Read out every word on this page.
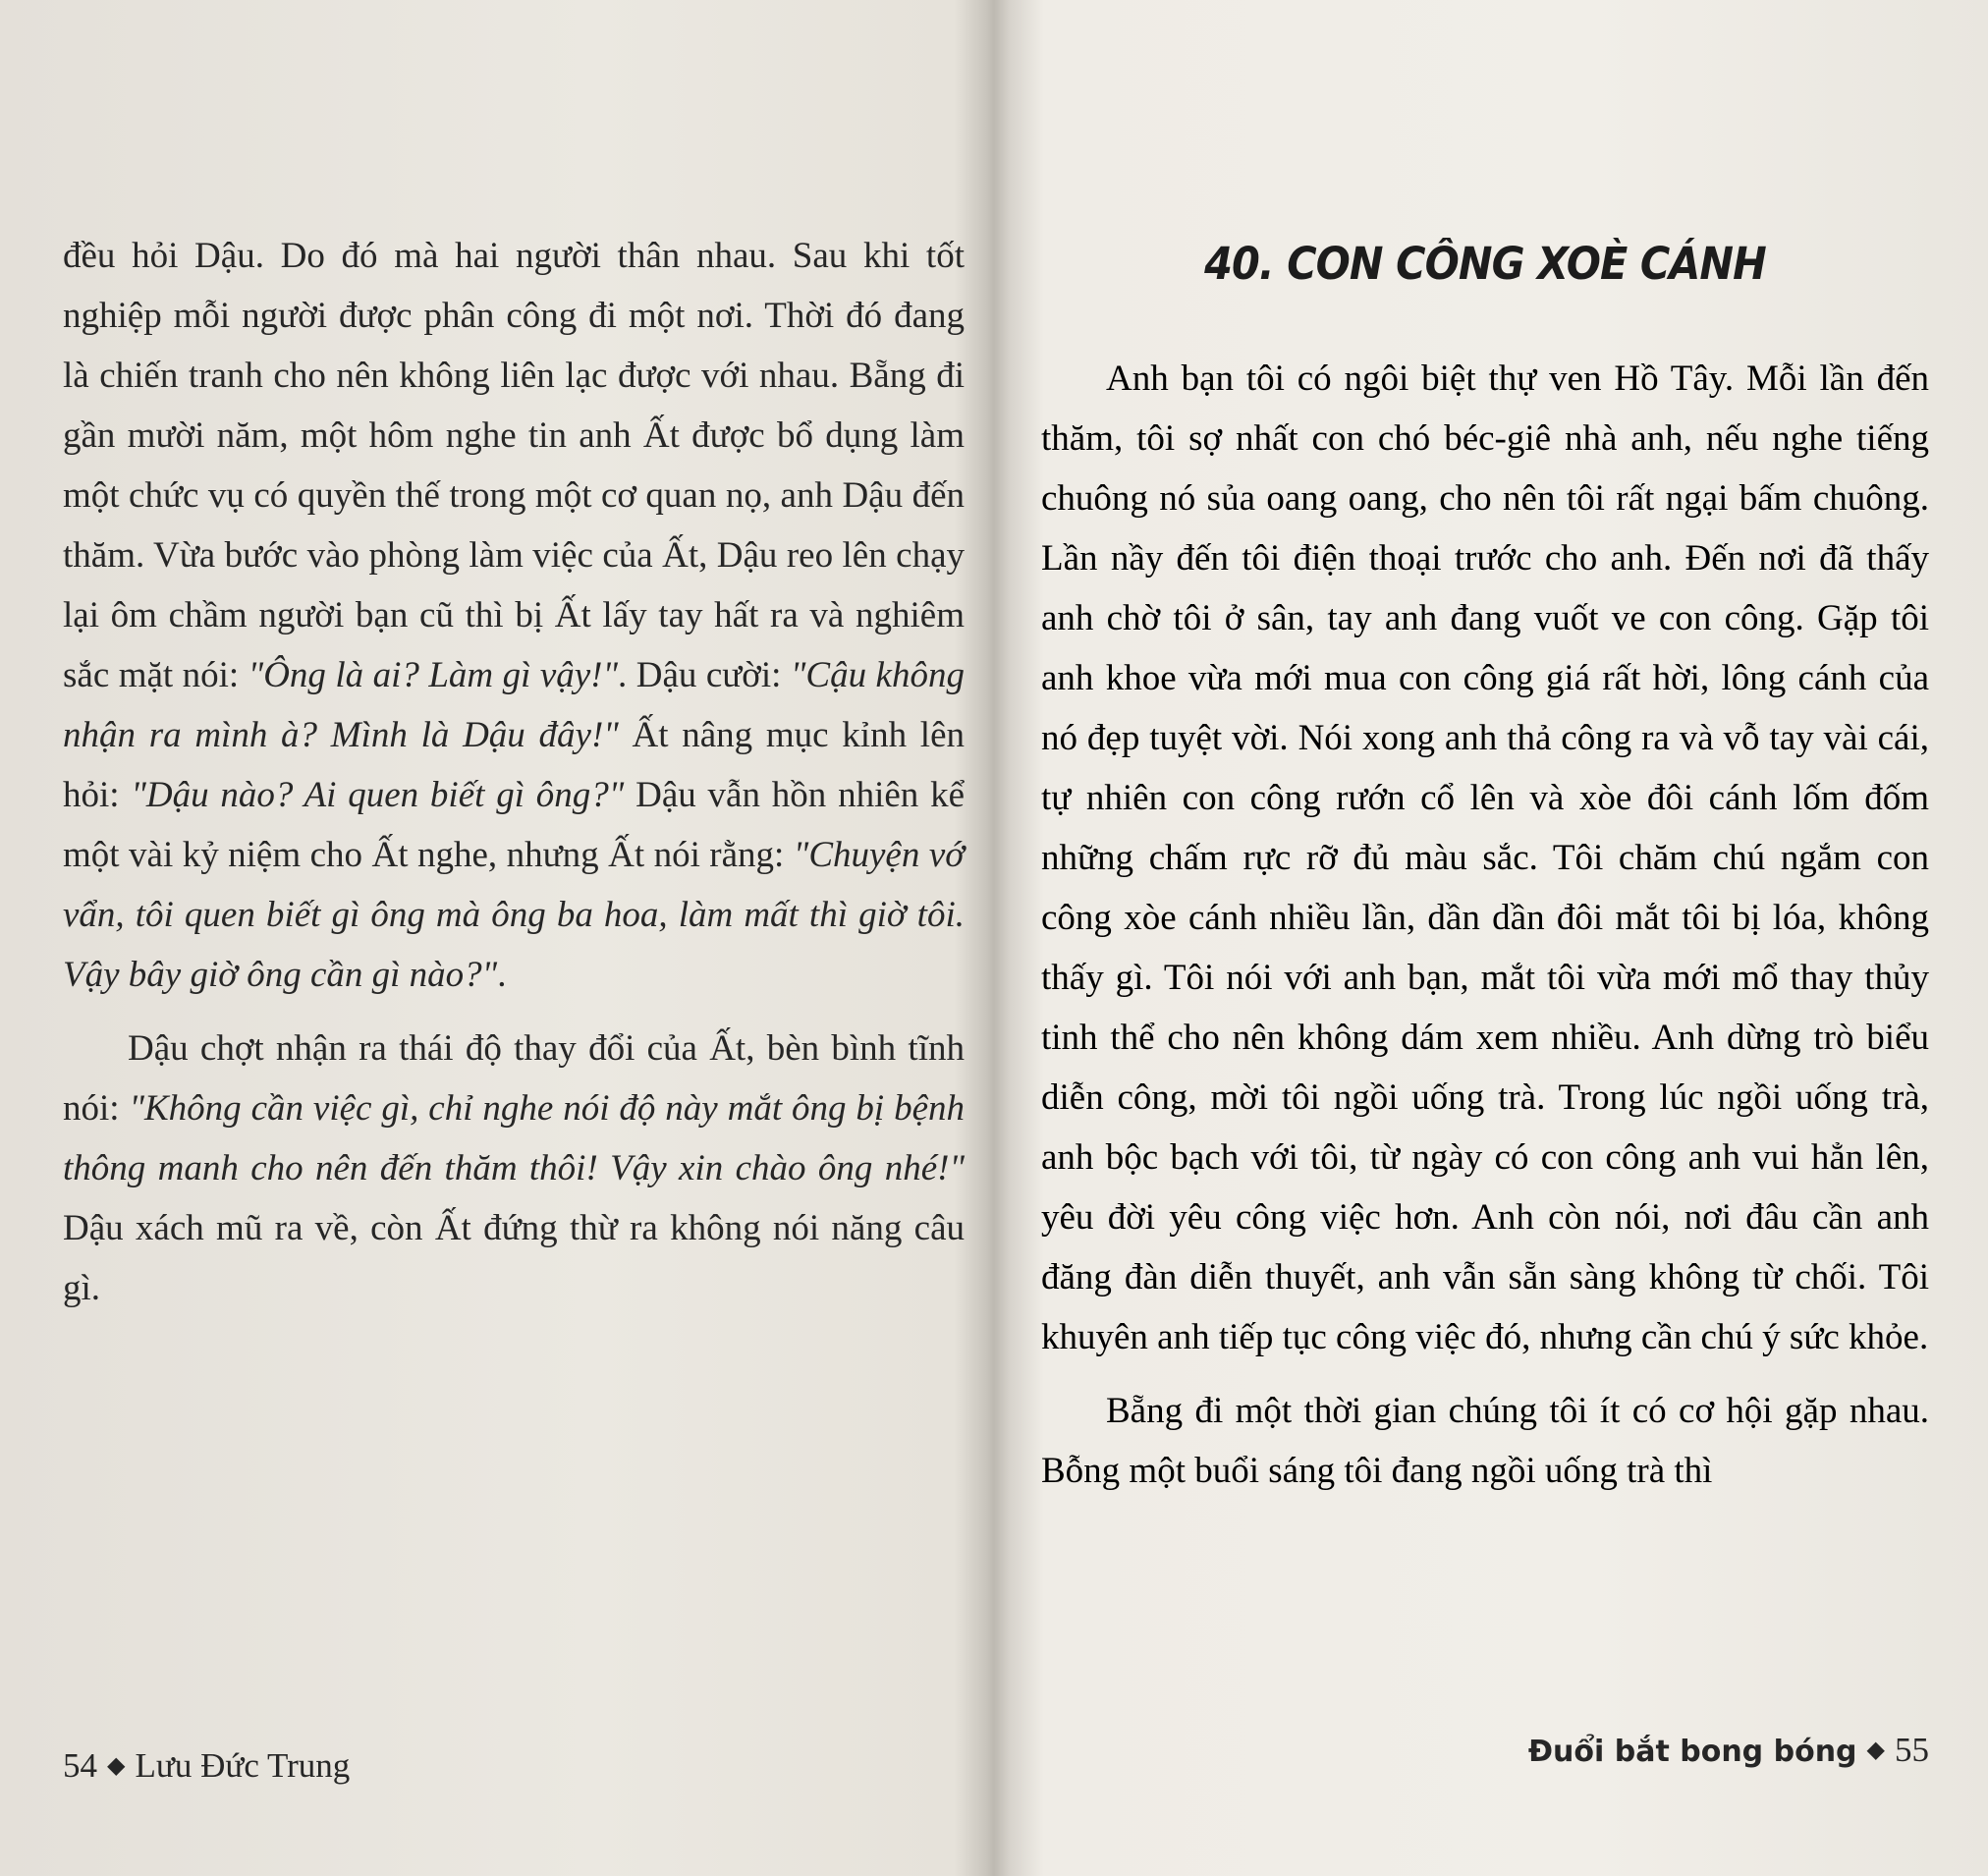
đều hỏi Dậu. Do đó mà hai người thân nhau. Sau khi tốt nghiệp mỗi người được phân công đi một nơi. Thời đó đang là chiến tranh cho nên không liên lạc được với nhau. Bẵng đi gần mười năm, một hôm nghe tin anh Ất được bổ dụng làm một chức vụ có quyền thế trong một cơ quan nọ, anh Dậu đến thăm. Vừa bước vào phòng làm việc của Ất, Dậu reo lên chạy lại ôm chầm người bạn cũ thì bị Ất lấy tay hất ra và nghiêm sắc mặt nói: "Ông là ai? Làm gì vậy!". Dậu cười: "Cậu không nhận ra mình à? Mình là Dậu đây!" Ất nâng mục kỉnh lên hỏi: "Dậu nào? Ai quen biết gì ông?" Dậu vẫn hồn nhiên kể một vài kỷ niệm cho Ất nghe, nhưng Ất nói rằng: "Chuyện vớ vẩn, tôi quen biết gì ông mà ông ba hoa, làm mất thì giờ tôi. Vậy bây giờ ông cần gì nào?".

Dậu chợt nhận ra thái độ thay đổi của Ất, bèn bình tĩnh nói: "Không cần việc gì, chỉ nghe nói độ này mắt ông bị bệnh thông manh cho nên đến thăm thôi! Vậy xin chào ông nhé!" Dậu xách mũ ra về, còn Ất đứng thừ ra không nói năng câu gì.

54 ◆ Lưu Đức Trung
40. CON CÔNG XOÈ CÁNH

Anh bạn tôi có ngôi biệt thự ven Hồ Tây. Mỗi lần đến thăm, tôi sợ nhất con chó béc-giê nhà anh, nếu nghe tiếng chuông nó sủa oang oang, cho nên tôi rất ngại bấm chuông. Lần nầy đến tôi điện thoại trước cho anh. Đến nơi đã thấy anh chờ tôi ở sân, tay anh đang vuốt ve con công. Gặp tôi anh khoe vừa mới mua con công giá rất hời, lông cánh của nó đẹp tuyệt vời. Nói xong anh thả công ra và vỗ tay vài cái, tự nhiên con công rướn cổ lên và xòe đôi cánh lốm đốm những chấm rực rỡ đủ màu sắc. Tôi chăm chú ngắm con công xòe cánh nhiều lần, dần dần đôi mắt tôi bị lóa, không thấy gì. Tôi nói với anh bạn, mắt tôi vừa mới mổ thay thủy tinh thể cho nên không dám xem nhiều. Anh dừng trò biểu diễn công, mời tôi ngồi uống trà. Trong lúc ngồi uống trà, anh bộc bạch với tôi, từ ngày có con công anh vui hẳn lên, yêu đời yêu công việc hơn. Anh còn nói, nơi đâu cần anh đăng đàn diễn thuyết, anh vẫn sẵn sàng không từ chối. Tôi khuyên anh tiếp tục công việc đó, nhưng cần chú ý sức khỏe.

Bẵng đi một thời gian chúng tôi ít có cơ hội gặp nhau. Bỗng một buổi sáng tôi đang ngồi uống trà thì

Đuổi bắt bong bóng ◆ 55
